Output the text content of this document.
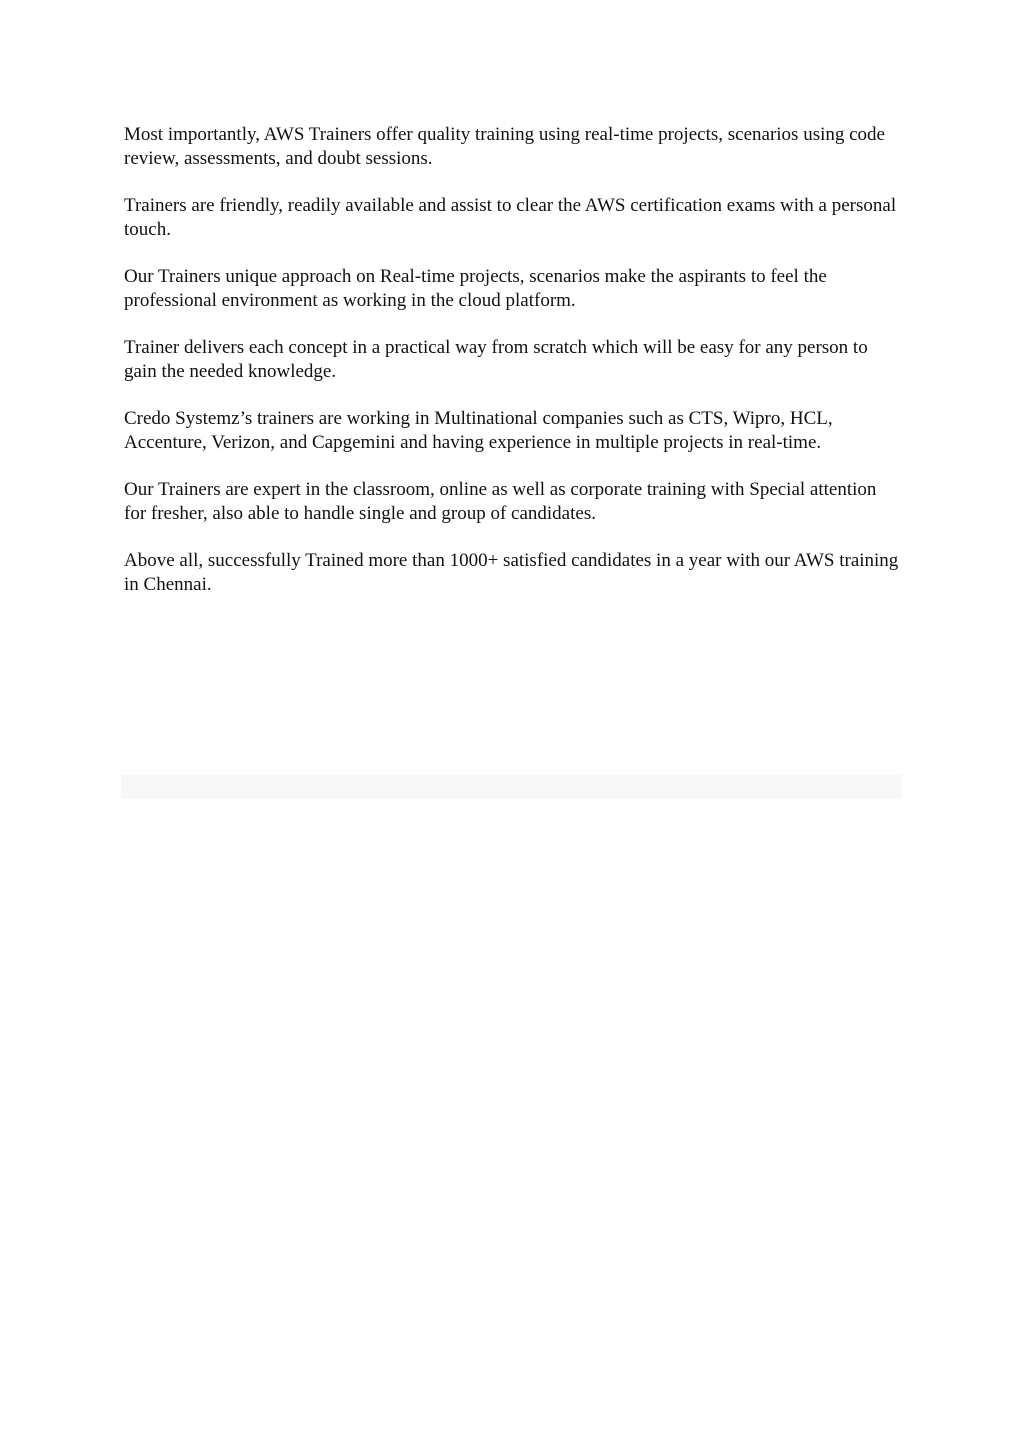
Most importantly, AWS Trainers offer quality training using real-time projects, scenarios using code review, assessments, and doubt sessions.

Trainers are friendly, readily available and assist to clear the AWS certification exams with a personal touch.

Our Trainers unique approach on Real-time projects, scenarios make the aspirants to feel the professional environment as working in the cloud platform.

Trainer delivers each concept in a practical way from scratch which will be easy for any person to gain the needed knowledge.

Credo Systemz’s trainers are working in Multinational companies such as CTS, Wipro, HCL, Accenture, Verizon, and Capgemini and having experience in multiple projects in real-time.

Our Trainers are expert in the classroom, online as well as corporate training with Special attention for fresher, also able to handle single and group of candidates.

Above all, successfully Trained more than 1000+ satisfied candidates in a year with our AWS training in Chennai.
